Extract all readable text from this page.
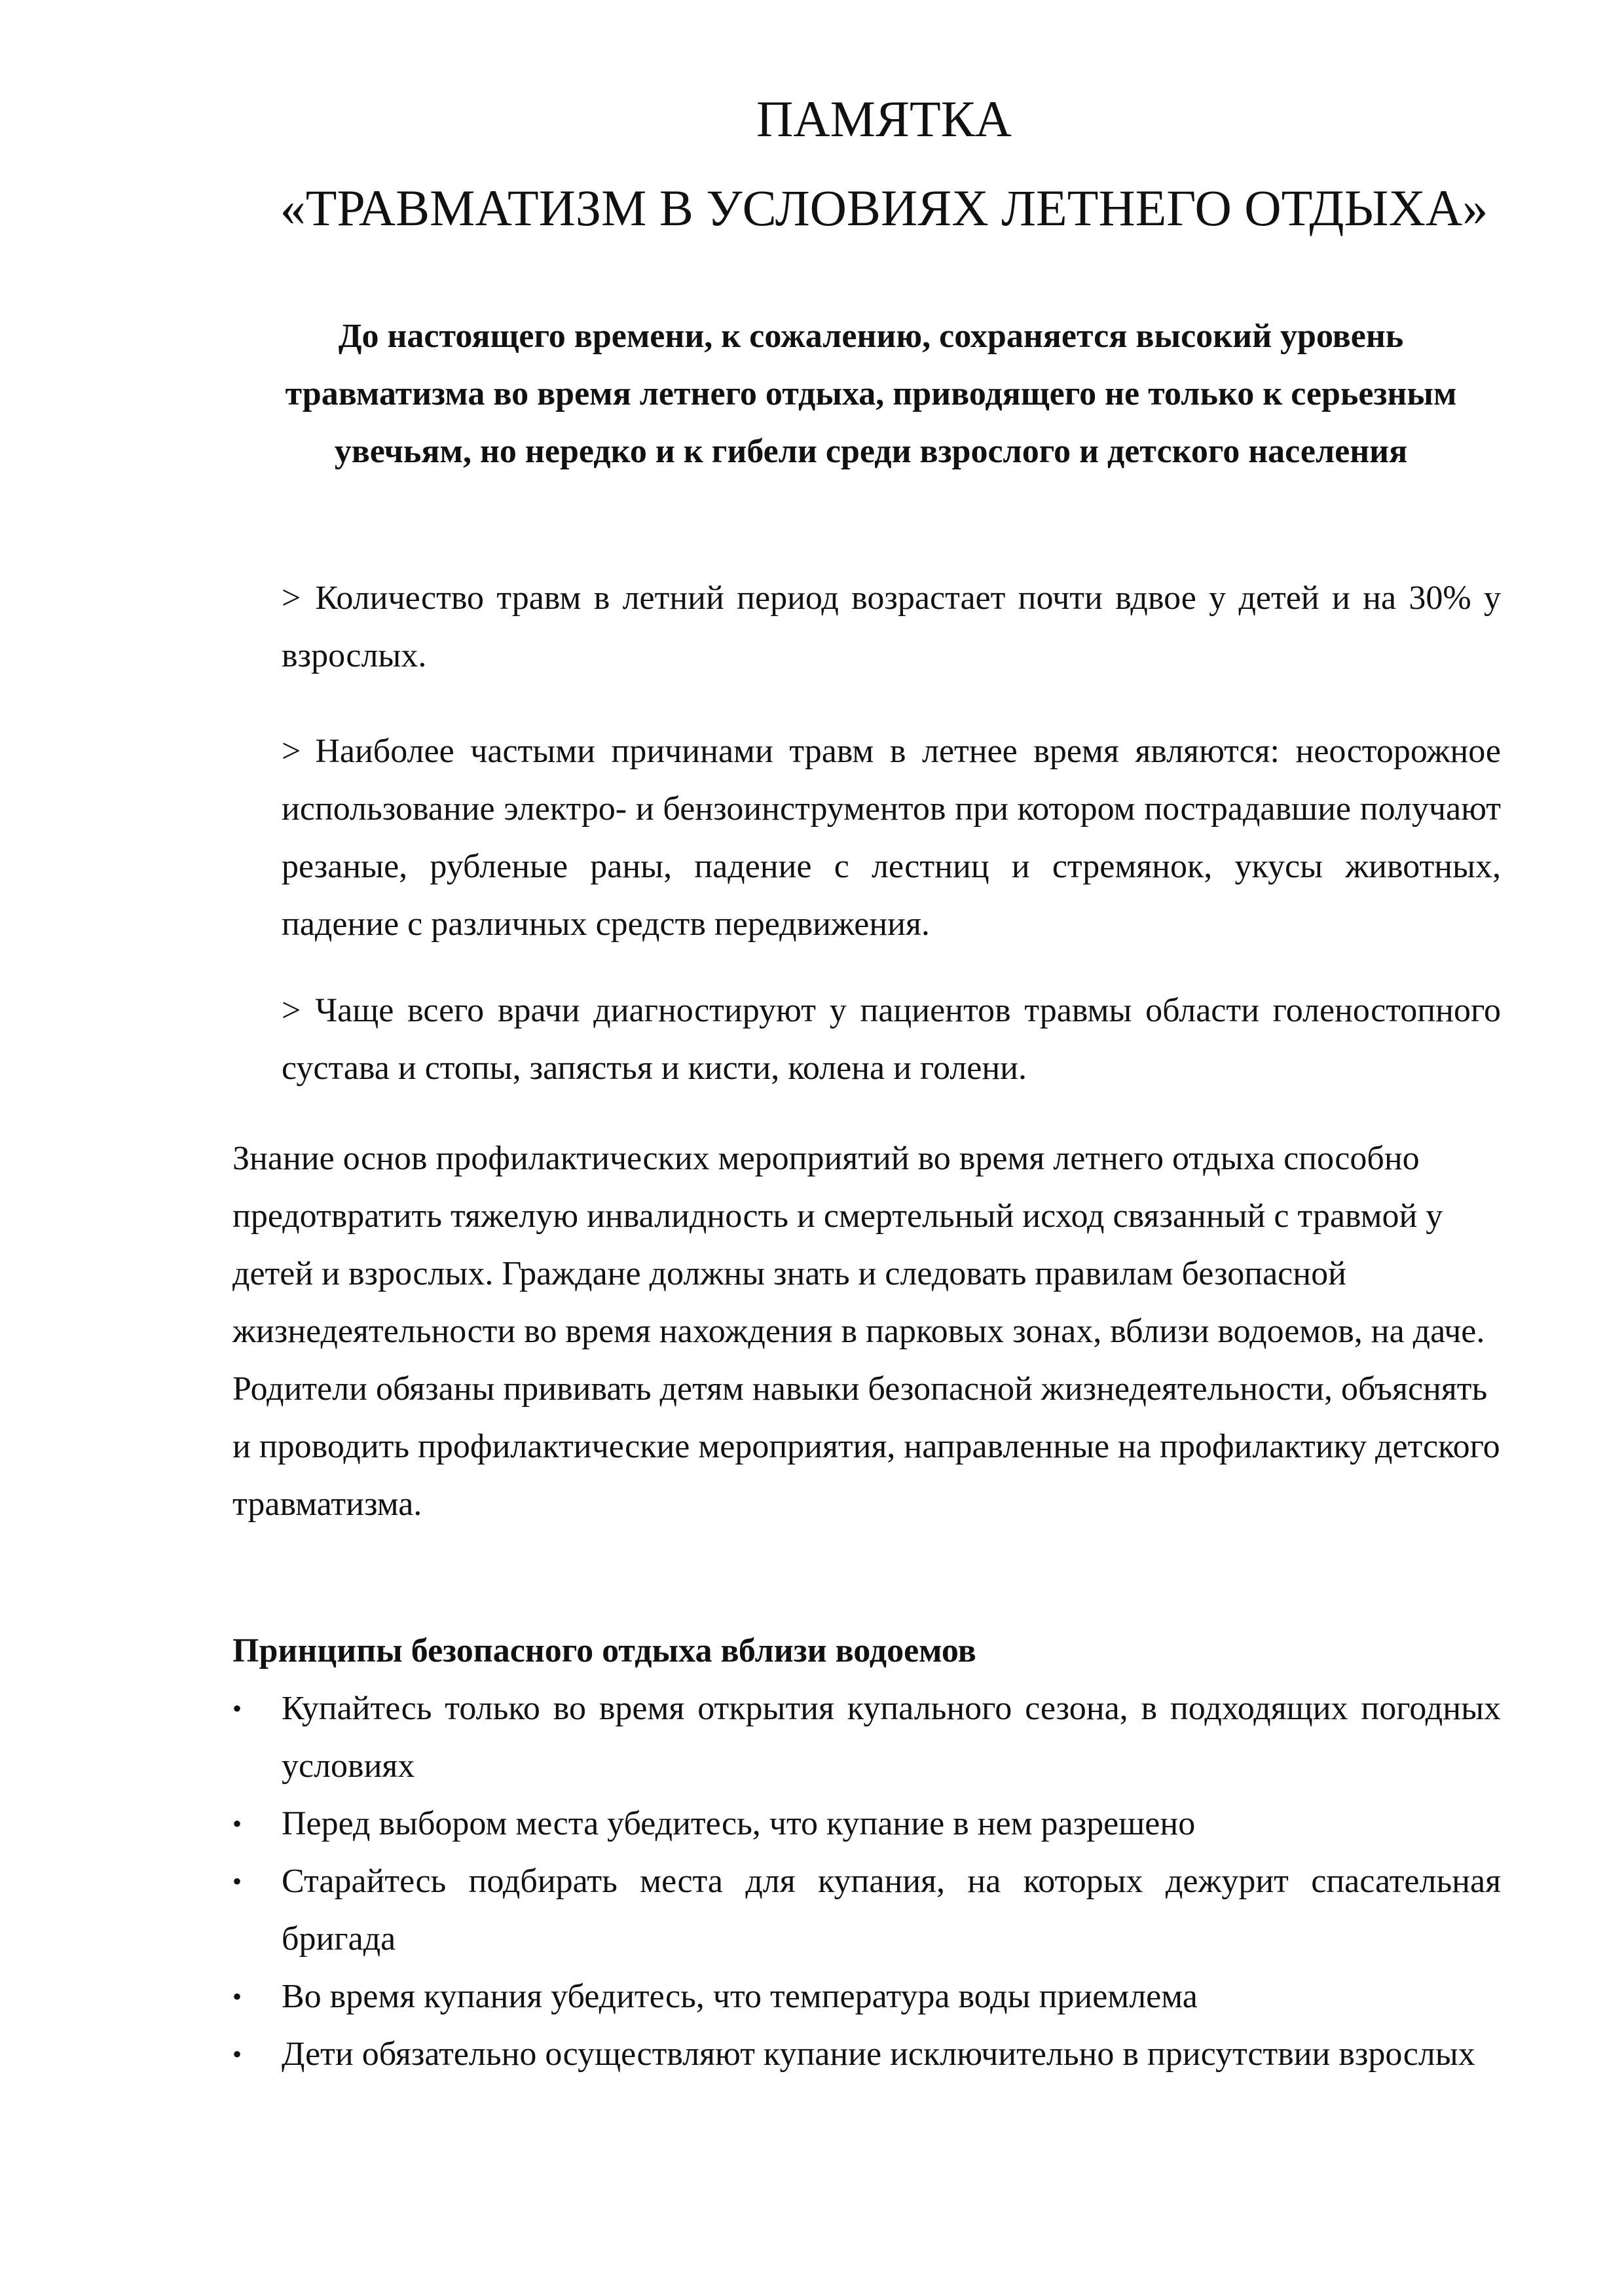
ПАМЯТКА
«ТРАВМАТИЗМ В УСЛОВИЯХ ЛЕТНЕГО ОТДЫХА»
До настоящего времени, к сожалению, сохраняется высокий уровень травматизма во время летнего отдыха, приводящего не только к серьезным увечьям, но нередко и к гибели среди взрослого и детского населения
> Количество травм в летний период возрастает почти вдвое у детей и на 30% у взрослых.
> Наиболее частыми причинами травм в летнее время являются: неосторожное использование электро- и бензоинструментов при котором пострадавшие получают резаные, рубленые раны, падение с лестниц и стремянок, укусы животных, падение с различных средств передвижения.
> Чаще всего врачи диагностируют у пациентов травмы области голеностопного сустава и стопы, запястья и кисти, колена и голени.
Знание основ профилактических мероприятий во время летнего отдыха способно предотвратить тяжелую инвалидность и смертельный исход связанный с травмой у детей и взрослых. Граждане должны знать и следовать правилам безопасной жизнедеятельности во время нахождения в парковых зонах, вблизи водоемов, на даче. Родители обязаны прививать детям навыки безопасной жизнедеятельности, объяснять и проводить профилактические мероприятия, направленные на профилактику детского травматизма.
Принципы безопасного отдыха вблизи водоемов
•	Купайтесь только во время открытия купального сезона, в подходящих погодных условиях
•	Перед выбором места убедитесь, что купание в нем разрешено
•	Старайтесь подбирать места для купания, на которых дежурит спасательная бригада
•	Во время купания убедитесь, что температура воды приемлема
•	Дети обязательно осуществляют купание исключительно в присутствии взрослых
